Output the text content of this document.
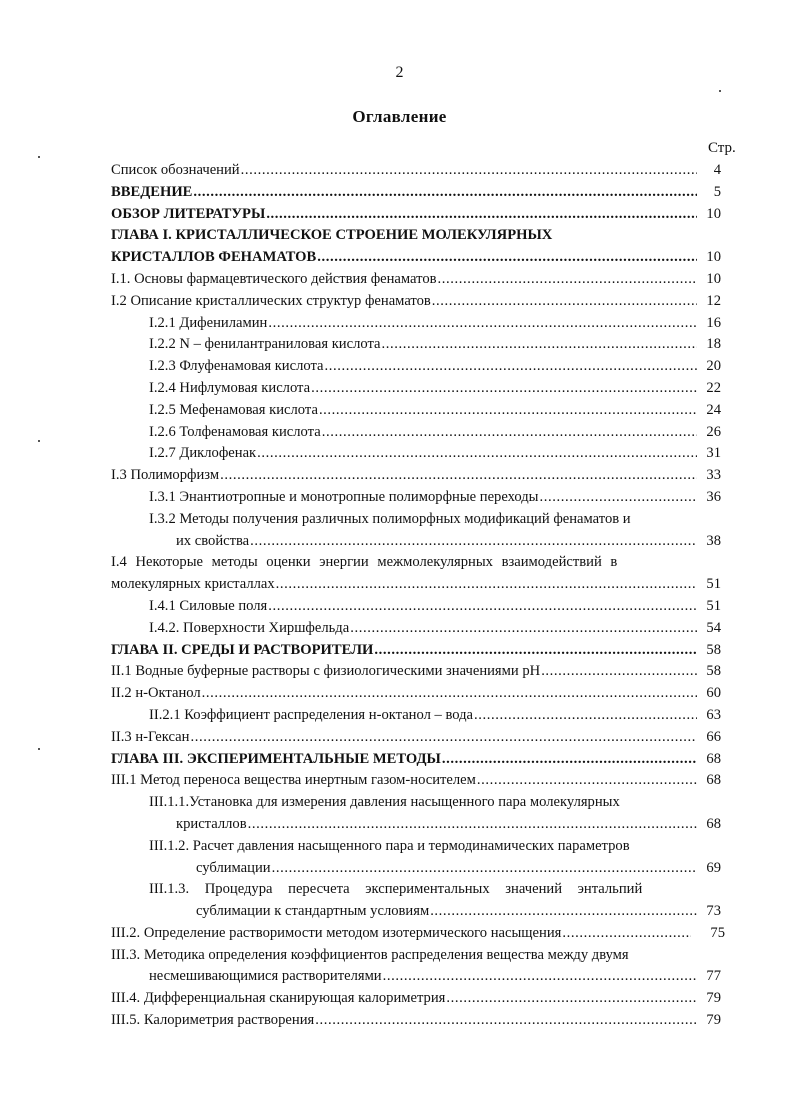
2
Оглавление
Стр.
Список обозначений .....	4
ВВЕДЕНИЕ .....	5
ОБЗОР ЛИТЕРАТУРЫ .....	10
ГЛАВА I. КРИСТАЛЛИЧЕСКОЕ СТРОЕНИЕ МОЛЕКУЛЯРНЫХ
КРИСТАЛЛОВ ФЕНАМАТОВ .....	10
I.1. Основы фармацевтического действия фенаматов .....	10
I.2 Описание кристаллических структур фенаматов .....	12
I.2.1 Дифениламин .....	16
I.2.2 N – фенилантраниловая кислота .....	18
I.2.3 Флуфенамовая кислота .....	20
I.2.4 Нифлумовая кислота .....	22
I.2.5 Мефенамовая кислота .....	24
I.2.6 Толфенамовая кислота .....	26
I.2.7 Диклофенак .....	31
I.3 Полиморфизм .....	33
I.3.1 Энантиотропные и монотропные полиморфные переходы .....	36
I.3.2 Методы получения различных полиморфных модификаций фенаматов и
их свойства .....	38
I.4 Некоторые методы оценки энергии межмолекулярных взаимодействий в
молекулярных кристаллах .....	51
I.4.1 Силовые поля .....	51
I.4.2. Поверхности Хиршфельда .....	54
ГЛАВА II. СРЕДЫ И РАСТВОРИТЕЛИ .....	58
II.1 Водные буферные растворы с физиологическими значениями pH .....	58
II.2 н-Октанол .....	60
II.2.1 Коэффициент распределения н-октанол – вода .....	63
II.3 н-Гексан .....	66
ГЛАВА III. ЭКСПЕРИМЕНТАЛЬНЫЕ МЕТОДЫ .....	68
III.1 Метод переноса вещества инертным газом-носителем .....	68
III.1.1.Установка для измерения давления насыщенного пара молекулярных
кристаллов .....	68
III.1.2. Расчет давления насыщенного пара и термодинамических параметров
сублимации .....	69
III.1.3. Процедура пересчета экспериментальных значений энтальпий
сублимации к стандартным условиям .....	73
III.2. Определение растворимости методом изотермического насыщения .....	75
III.3. Методика определения коэффициентов распределения вещества между двумя
несмешивающимися растворителями .....	77
III.4. Дифференциальная сканирующая калориметрия .....	79
III.5. Калориметрия растворения .....	79
